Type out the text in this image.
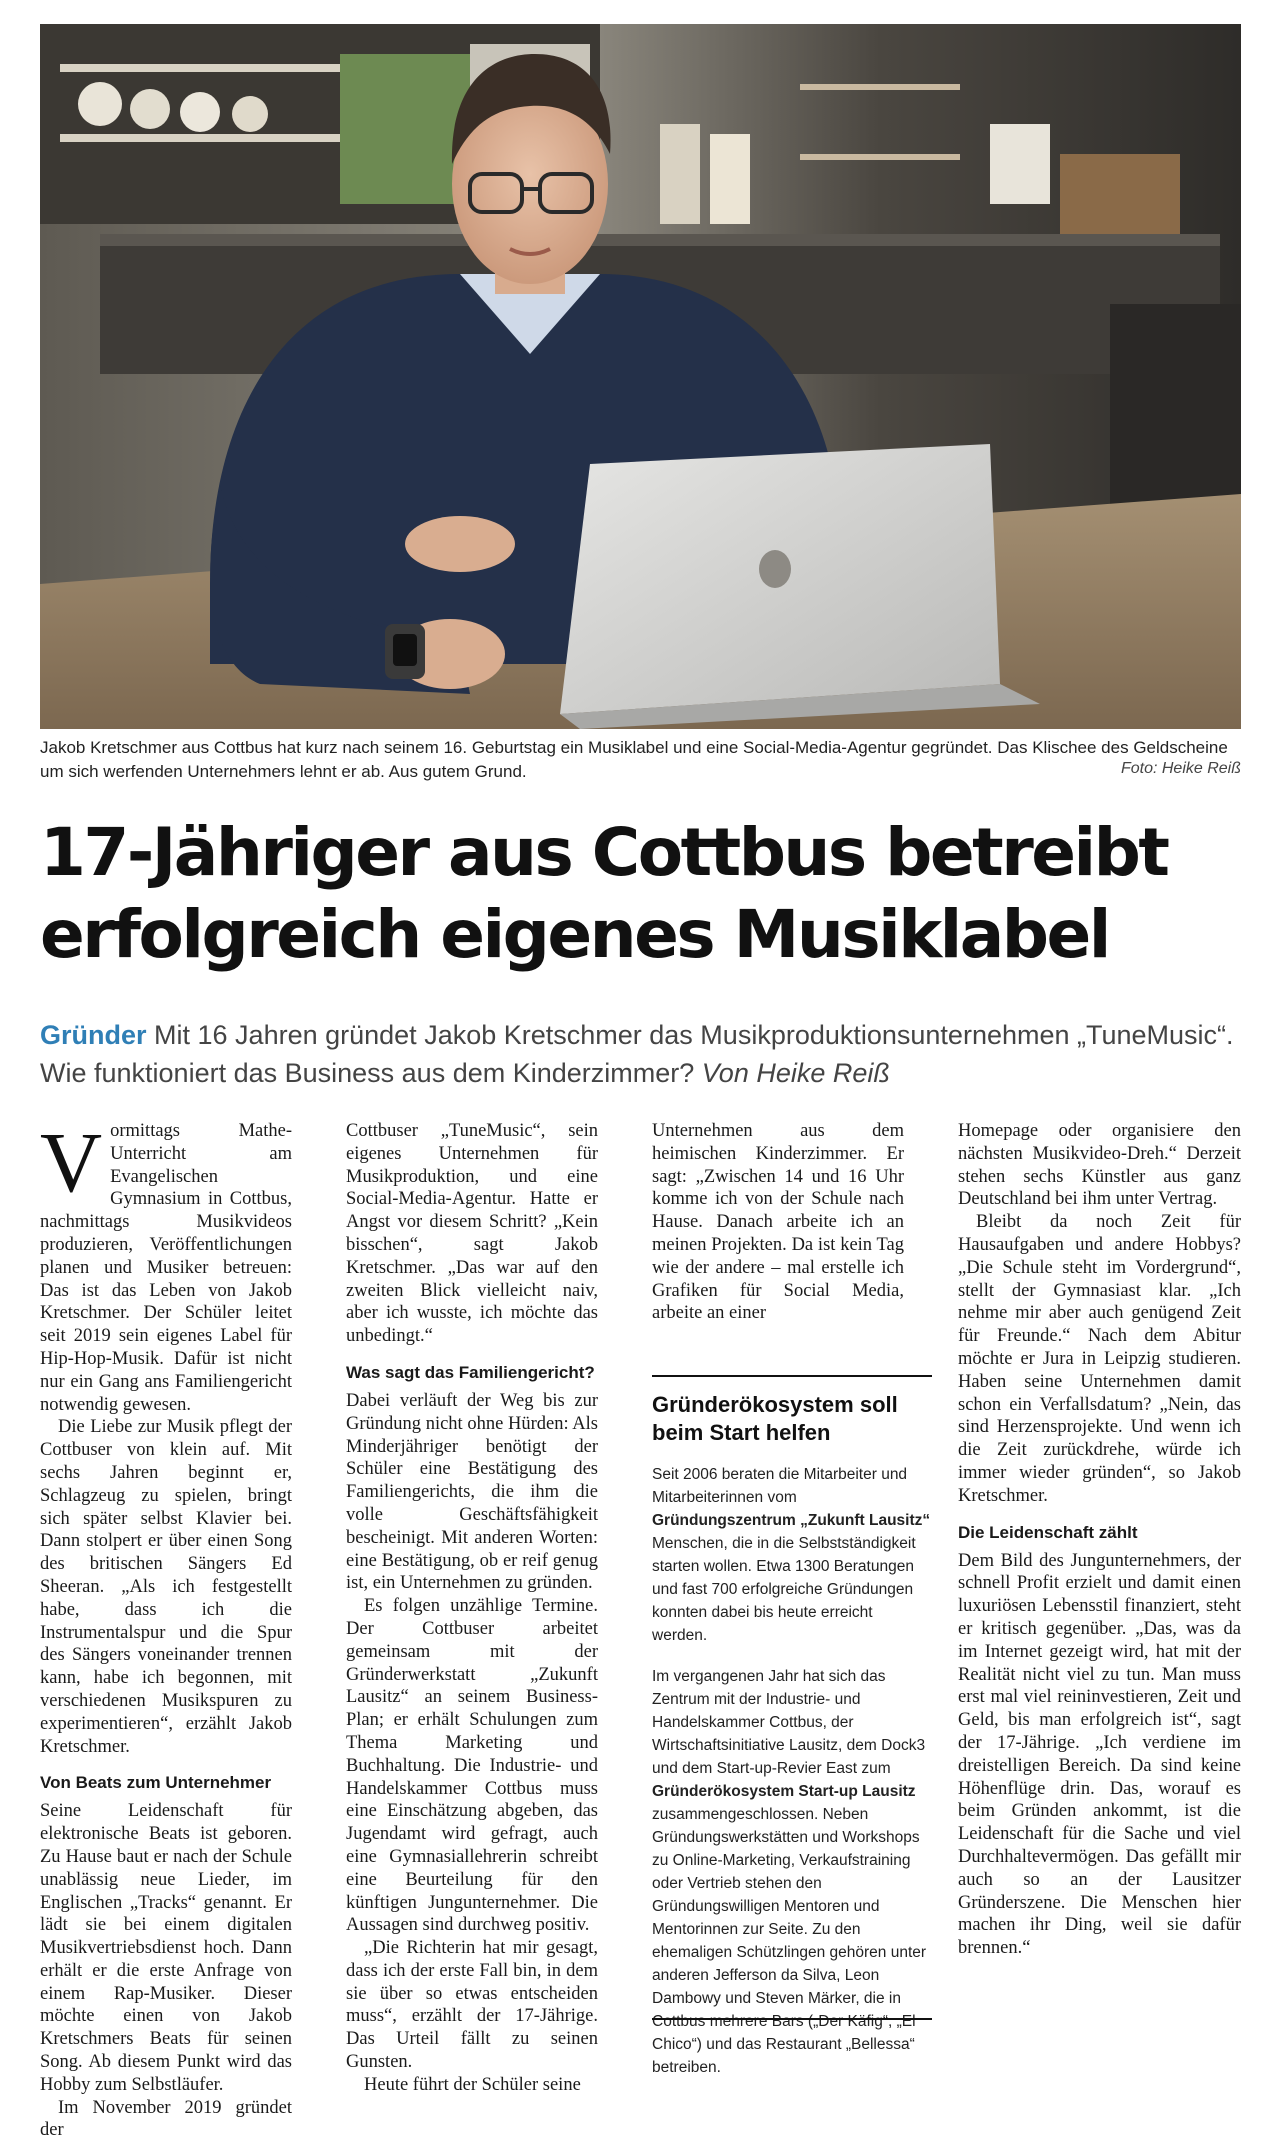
Jakob Kretschmer aus Cottbus hat kurz nach seinem 16. Geburtstag ein Musiklabel und eine Social-Media-Agentur gegründet. Das Klischee des Geldscheine um sich werfenden Unternehmers lehnt er ab. Aus gutem Grund.	Foto: Heike Reiß
17-Jähriger aus Cottbus betreibt erfolgreich eigenes Musiklabel
Gründer Mit 16 Jahren gründet Jakob Kretschmer das Musikproduktionsunternehmen „TuneMusic“. Wie funktioniert das Business aus dem Kinderzimmer? Von Heike Reiß

Vormittags Mathe-Unterricht am Evangelischen Gymnasium in Cottbus, nachmittags Musikvideos produzieren, Veröffentlichungen planen und Musiker betreuen: Das ist das Leben von Jakob Kretschmer. Der Schüler leitet seit 2019 sein eigenes Label für Hip-Hop-Musik. Dafür ist nicht nur ein Gang ans Familiengericht notwendig gewesen.

Die Liebe zur Musik pflegt der Cottbuser von klein auf. Mit sechs Jahren beginnt er, Schlagzeug zu spielen, bringt sich später selbst Klavier bei. Dann stolpert er über einen Song des britischen Sängers Ed Sheeran. „Als ich festgestellt habe, dass ich die Instrumentalspur und die Spur des Sängers voneinander trennen kann, habe ich begonnen, mit verschiedenen Musikspuren zu experimentieren“, erzählt Jakob Kretschmer.

Von Beats zum Unternehmer

Seine Leidenschaft für elektronische Beats ist geboren. Zu Hause baut er nach der Schule unablässig neue Lieder, im Englischen „Tracks“ genannt. Er lädt sie bei einem digitalen Musikvertriebsdienst hoch. Dann erhält er die erste Anfrage von einem Rap-Musiker. Dieser möchte einen von Jakob Kretschmers Beats für seinen Song. Ab diesem Punkt wird das Hobby zum Selbstläufer.

Im November 2019 gründet der

Cottbuser „TuneMusic“, sein eigenes Unternehmen für Musikproduktion, und eine Social-Media-Agentur. Hatte er Angst vor diesem Schritt? „Kein bisschen“, sagt Jakob Kretschmer. „Das war auf den zweiten Blick vielleicht naiv, aber ich wusste, ich möchte das unbedingt.“

Was sagt das Familiengericht?

Dabei verläuft der Weg bis zur Gründung nicht ohne Hürden: Als Minderjähriger benötigt der Schüler eine Bestätigung des Familiengerichts, die ihm die volle Geschäftsfähigkeit bescheinigt. Mit anderen Worten: eine Bestätigung, ob er reif genug ist, ein Unternehmen zu gründen.

Es folgen unzählige Termine. Der Cottbuser arbeitet gemeinsam mit der Gründerwerkstatt „Zukunft Lausitz“ an seinem Business-Plan; er erhält Schulungen zum Thema Marketing und Buchhaltung. Die Industrie- und Handelskammer Cottbus muss eine Einschätzung abgeben, das Jugendamt wird gefragt, auch eine Gymnasiallehrerin schreibt eine Beurteilung für den künftigen Jungunternehmer. Die Aussagen sind durchweg positiv.

„Die Richterin hat mir gesagt, dass ich der erste Fall bin, in dem sie über so etwas entscheiden muss“, erzählt der 17-Jährige. Das Urteil fällt zu seinen Gunsten.

Heute führt der Schüler seine

Unternehmen aus dem heimischen Kinderzimmer. Er sagt: „Zwischen 14 und 16 Uhr komme ich von der Schule nach Hause. Danach arbeite ich an meinen Projekten. Da ist kein Tag wie der andere – mal erstelle ich Grafiken für Social Media, arbeite an einer

Gründerökosystem soll beim Start helfen

Seit 2006 beraten die Mitarbeiter und Mitarbeiterinnen vom Gründungszentrum „Zukunft Lausitz“ Menschen, die in die Selbstständigkeit starten wollen. Etwa 1300 Beratungen und fast 700 erfolgreiche Gründungen konnten dabei bis heute erreicht werden.

Im vergangenen Jahr hat sich das Zentrum mit der Industrie- und Handelskammer Cottbus, der Wirtschaftsinitiative Lausitz, dem Dock3 und dem Start-up-Revier East zum Gründerökosystem Start-up Lausitz zusammengeschlossen. Neben Gründungswerkstätten und Workshops zu Online-Marketing, Verkaufstraining oder Vertrieb stehen den Gründungswilligen Mentoren und Mentorinnen zur Seite. Zu den ehemaligen Schützlingen gehören unter anderen Jefferson da Silva, Leon Dambowy und Steven Märker, die in Cottbus mehrere Bars („Der Käfig“, „El Chico“) und das Restaurant „Bellessa“ betreiben.

Homepage oder organisiere den nächsten Musikvideo-Dreh.“ Derzeit stehen sechs Künstler aus ganz Deutschland bei ihm unter Vertrag.

Bleibt da noch Zeit für Hausaufgaben und andere Hobbys? „Die Schule steht im Vordergrund“, stellt der Gymnasiast klar. „Ich nehme mir aber auch genügend Zeit für Freunde.“ Nach dem Abitur möchte er Jura in Leipzig studieren. Haben seine Unternehmen damit schon ein Verfallsdatum? „Nein, das sind Herzensprojekte. Und wenn ich die Zeit zurückdrehe, würde ich immer wieder gründen“, so Jakob Kretschmer.

Die Leidenschaft zählt

Dem Bild des Jungunternehmers, der schnell Profit erzielt und damit einen luxuriösen Lebensstil finanziert, steht er kritisch gegenüber. „Das, was da im Internet gezeigt wird, hat mit der Realität nicht viel zu tun. Man muss erst mal viel reininvestieren, Zeit und Geld, bis man erfolgreich ist“, sagt der 17-Jährige. „Ich verdiene im dreistelligen Bereich. Da sind keine Höhenflüge drin. Das, worauf es beim Gründen ankommt, ist die Leidenschaft für die Sache und viel Durchhaltevermögen. Das gefällt mir auch so an der Lausitzer Gründerszene. Die Menschen hier machen ihr Ding, weil sie dafür brennen.“
